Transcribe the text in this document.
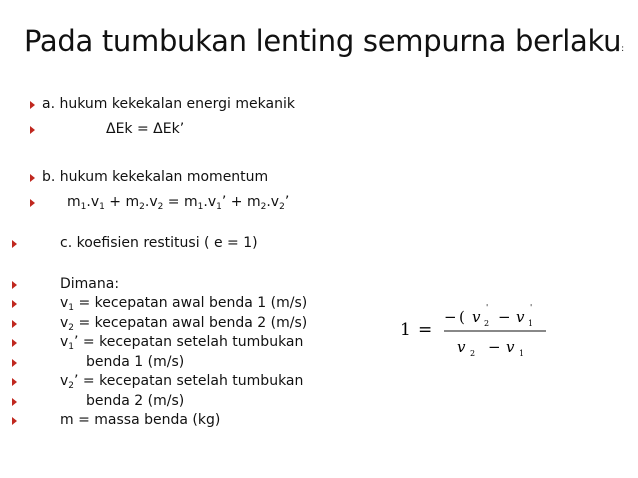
Pada tumbukan lenting sempurna berlaku:
a. hukum kekekalan energi mekanik
ΔEk = ΔEk’
b. hukum kekekalan momentum
$m_1.v_1 + m_2.v_2 = m_1.v_1$’ + $m_2.v_2$’
c. koefisien restitusi ( e = 1)
Dimana:
$v_1$ = kecepatan awal benda 1 (m/s)
$v_2$ = kecepatan awal benda 2 (m/s)
$v_1$’ = kecepatan setelah tumbukan
benda 1 (m/s)
$v_2$’ = kecepatan setelah tumbukan
benda 2 (m/s)
m = massa benda (kg)
1 =
− ( v 2
'
− v 1
'
v 2 − v 1
